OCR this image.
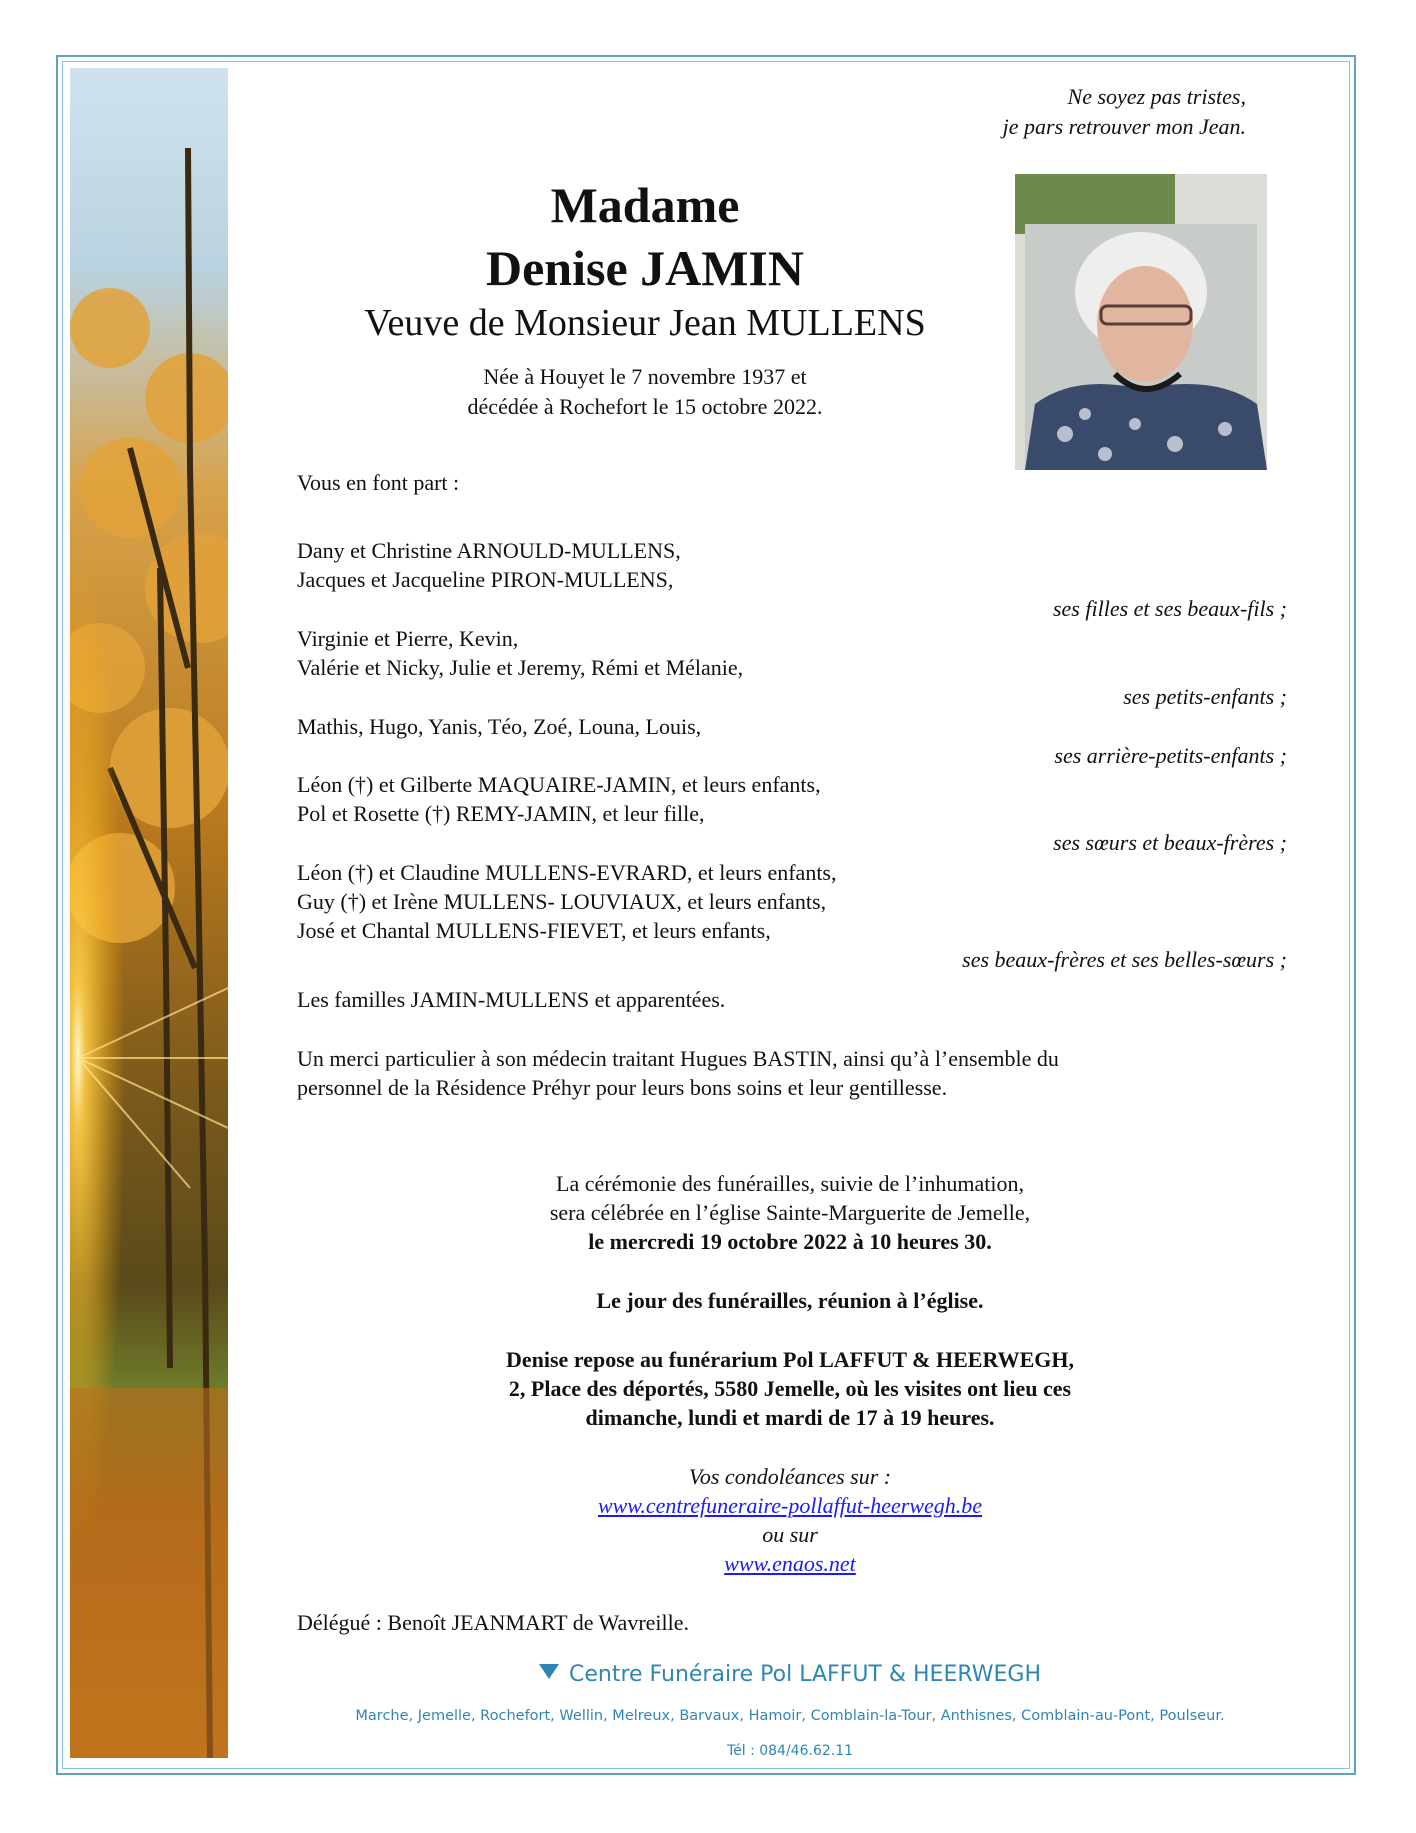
Ne soyez pas tristes,
je pars retrouver mon Jean.
Madame
Denise JAMIN
Veuve de Monsieur Jean MULLENS
Née à Houyet le 7 novembre 1937 et
décédée à Rochefort le 15 octobre 2022.
Vous en font part :
Dany et Christine ARNOULD-MULLENS,
Jacques et Jacqueline PIRON-MULLENS,
ses filles et ses beaux-fils ;
Virginie et Pierre, Kevin,
Valérie et Nicky, Julie et Jeremy, Rémi et Mélanie,
ses petits-enfants ;
Mathis, Hugo, Yanis, Téo, Zoé, Louna, Louis,
ses arrière-petits-enfants ;
Léon (†) et Gilberte MAQUAIRE-JAMIN, et leurs enfants,
Pol et Rosette (†) REMY-JAMIN, et leur fille,
ses sœurs et beaux-frères ;
Léon (†) et Claudine MULLENS-EVRARD, et leurs enfants,
Guy (†) et Irène MULLENS- LOUVIAUX, et leurs enfants,
José et Chantal MULLENS-FIEVET, et leurs enfants,
ses beaux-frères et ses belles-sœurs ;
Les familles JAMIN-MULLENS et apparentées.
Un merci particulier à son médecin traitant Hugues BASTIN, ainsi qu’à l’ensemble du
personnel de la Résidence Préhyr pour leurs bons soins et leur gentillesse.
La cérémonie des funérailles, suivie de l’inhumation,
sera célébrée en l’église Sainte-Marguerite de Jemelle,
le mercredi 19 octobre 2022 à 10 heures 30.
Le jour des funérailles, réunion à l’église.
Denise repose au funérarium Pol LAFFUT & HEERWEGH,
2, Place des déportés, 5580 Jemelle, où les visites ont lieu ces
dimanche, lundi et mardi de 17 à 19 heures.
Vos condoléances sur :
www.centrefuneraire-pollaffut-heerwegh.be
ou sur
www.enaos.net
Délégué : Benoît JEANMART de Wavreille.
Centre Funéraire Pol LAFFUT & HEERWEGH
Marche, Jemelle, Rochefort, Wellin, Melreux, Barvaux, Hamoir, Comblain-la-Tour, Anthisnes, Comblain-au-Pont, Poulseur.
Tél : 084/46.62.11
